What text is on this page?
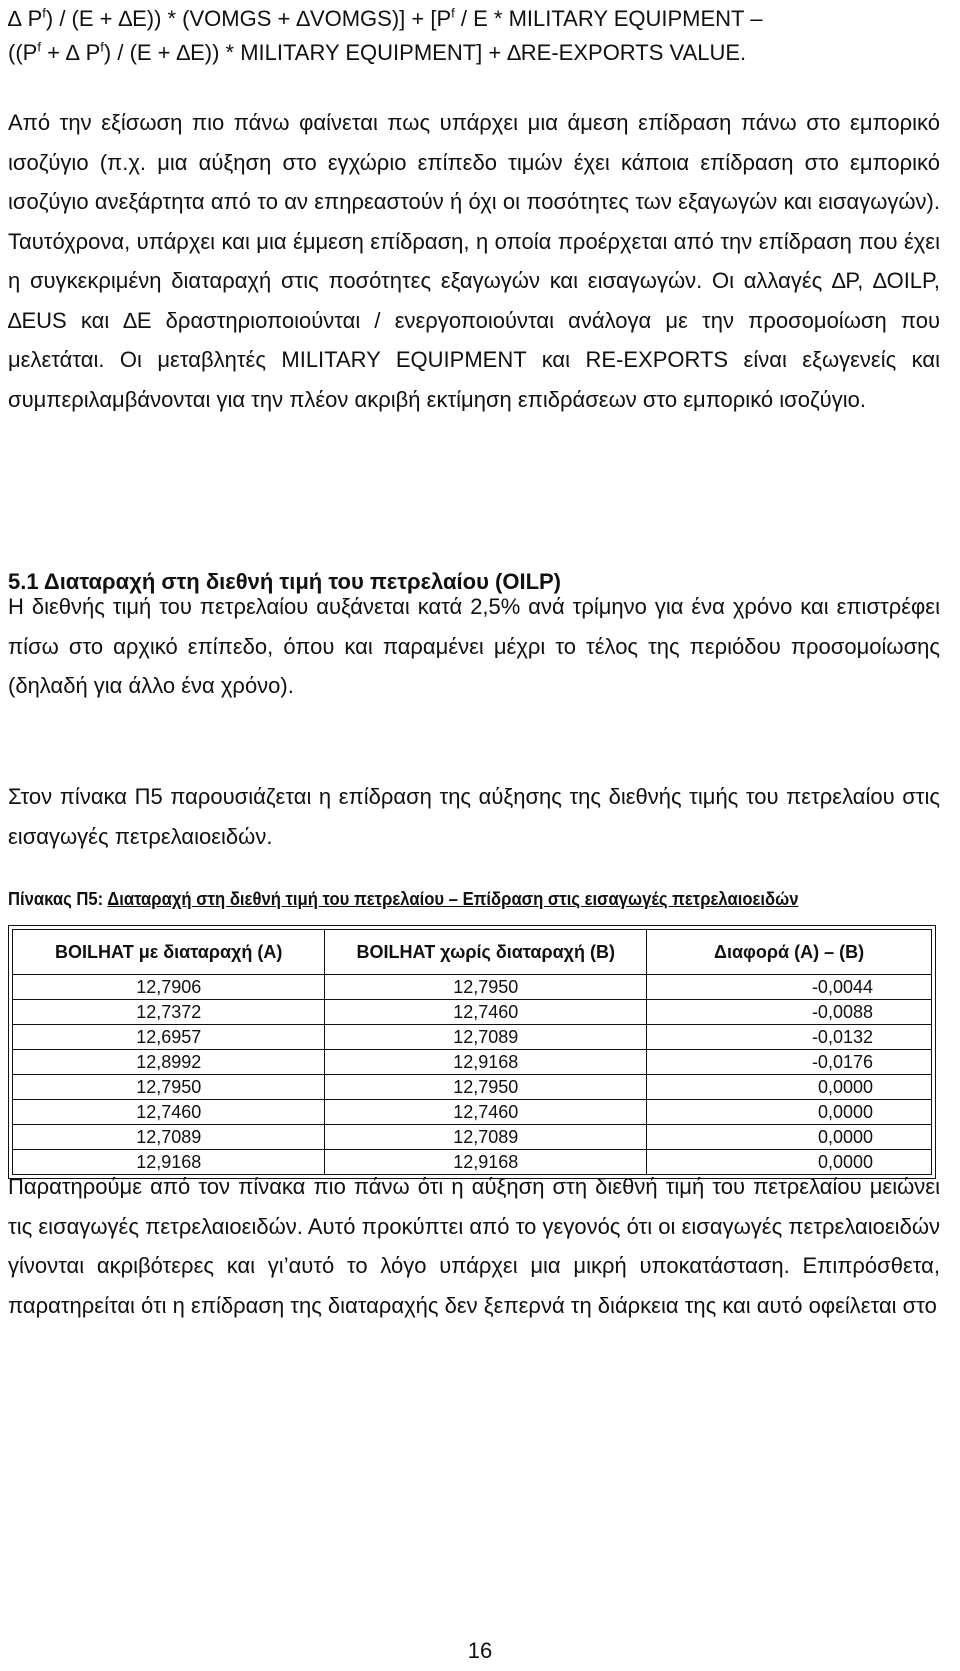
∆ $P^f) / (E + \Delta E)$) * (VOMGS + ∆VOMGS)] + [$P^f$ / E * MILITARY EQUIPMENT –
(($P^f$ + ∆ $P^f) / (E + \Delta E)$) * MILITARY EQUIPMENT] + ∆RE-EXPORTS VALUE.

Από την εξίσωση πιο πάνω φαίνεται πως υπάρχει μια άμεση επίδραση πάνω στο εμπορικό ισοζύγιο (π.χ. μια αύξηση στο εγχώριο επίπεδο τιμών έχει κάποια επίδραση στο εμπορικό ισοζύγιο ανεξάρτητα από το αν επηρεαστούν ή όχι οι ποσότητες των εξαγωγών και εισαγωγών). Ταυτόχρονα, υπάρχει και μια έμμεση επίδραση, η οποία προέρχεται από την επίδραση που έχει η συγκεκριμένη διαταραχή στις ποσότητες εξαγωγών και εισαγωγών. Οι αλλαγές ∆P, ∆OILP, ∆EUS και ∆E δραστηριοποιούνται / ενεργοποιούνται ανάλογα με την προσομοίωση που μελετάται. Οι μεταβλητές MILITARY EQUIPMENT και RE-EXPORTS είναι εξωγενείς και συμπεριλαμβάνονται για την πλέον ακριβή εκτίμηση επιδράσεων στο εμπορικό ισοζύγιο.

5.1 Διαταραχή στη διεθνή τιμή του πετρελαίου (OILP)

Η διεθνής τιμή του πετρελαίου αυξάνεται κατά 2,5% ανά τρίμηνο για ένα χρόνο και επιστρέφει πίσω στο αρχικό επίπεδο, όπου και παραμένει μέχρι το τέλος της περιόδου προσομοίωσης (δηλαδή για άλλο ένα χρόνο).

Στον πίνακα Π5 παρουσιάζεται η επίδραση της αύξησης της διεθνής τιμής του πετρελαίου στις εισαγωγές πετρελαιοειδών.

Πίνακας Π5: Διαταραχή στη διεθνή τιμή του πετρελαίου – Επίδραση στις εισαγωγές πετρελαιοειδών
BOILHAT με διαταραχή (A)	BOILHAT χωρίς διαταραχή (B)	Διαφορά (A) – (B)
12,7906	12,7950	-0,0044
12,7372	12,7460	-0,0088
12,6957	12,7089	-0,0132
12,8992	12,9168	-0,0176
12,7950	12,7950	0,0000
12,7460	12,7460	0,0000
12,7089	12,7089	0,0000
12,9168	12,9168	0,0000

Παρατηρούμε από τον πίνακα πιο πάνω ότι η αύξηση στη διεθνή τιμή του πετρελαίου μειώνει τις εισαγωγές πετρελαιοειδών. Αυτό προκύπτει από το γεγονός ότι οι εισαγωγές πετρελαιοειδών γίνονται ακριβότερες και γι’αυτό το λόγο υπάρχει μια μικρή υποκατάσταση. Επιπρόσθετα, παρατηρείται ότι η επίδραση της διαταραχής δεν ξεπερνά τη διάρκεια της και αυτό οφείλεται στο

16
